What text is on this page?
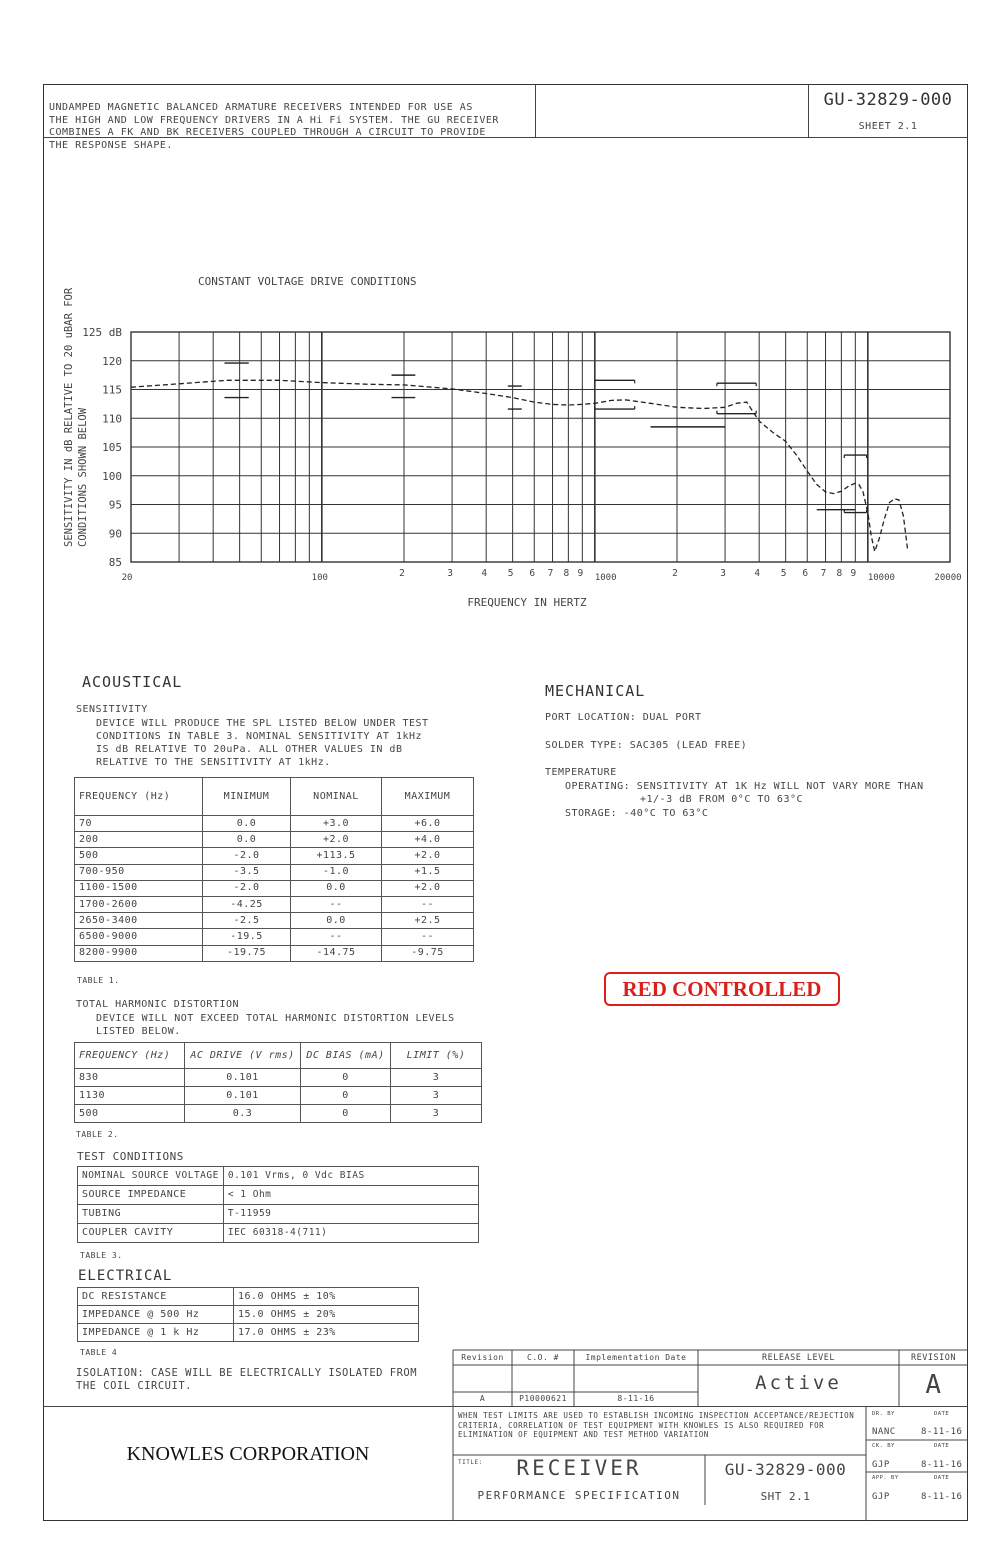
UNDAMPED MAGNETIC BALANCED ARMATURE RECEIVERS INTENDED FOR USE AS
THE HIGH AND LOW FREQUENCY DRIVERS IN A Hi Fi SYSTEM. THE GU RECEIVER
COMBINES A FK AND BK RECEIVERS COUPLED THROUGH A CIRCUIT TO PROVIDE
THE RESPONSE SHAPE.
GU-32829-000
SHEET 2.1
125 dB
120
115
110
105
100
95
90
85
20	100	2	3	4 5 6 7 8 9 1000	2	3	4 5 6 7 8 9 10000	20000
CONSTANT VOLTAGE DRIVE CONDITIONS
FREQUENCY IN HERTZ
SENSITIVITY IN dB RELATIVE TO 20 uBAR FOR CONDITIONS SHOWN BELOW
ACOUSTICAL
SENSITIVITY
DEVICE WILL PRODUCE THE SPL LISTED BELOW UNDER TEST
CONDITIONS IN TABLE 3. NOMINAL SENSITIVITY AT 1kHz
IS dB RELATIVE TO 20uPa. ALL OTHER VALUES IN dB
RELATIVE TO THE SENSITIVITY AT 1kHz.
FREQUENCY (Hz)	MINIMUM	NOMINAL	MAXIMUM
70	0.0	+3.0	+6.0
200	0.0	+2.0	+4.0
500	-2.0	+113.5	+2.0
700-950	-3.5	-1.0	+1.5
1100-1500	-2.0	0.0	+2.0
1700-2600	-4.25	--	--
2650-3400	-2.5	0.0	+2.5
6500-9000	-19.5	--	--
8200-9900	-19.75	-14.75	-9.75
TABLE 1.
TOTAL HARMONIC DISTORTION
DEVICE WILL NOT EXCEED TOTAL HARMONIC DISTORTION LEVELS
LISTED BELOW.
FREQUENCY (Hz)	AC DRIVE (V rms)	DC BIAS (mA)	LIMIT (%)
830	0.101	0	3
1130	0.101	0	3
500	0.3	0	3
TABLE 2.
TEST CONDITIONS
NOMINAL SOURCE VOLTAGE	0.101 Vrms, 0 Vdc BIAS
SOURCE IMPEDANCE	< 1 Ohm
TUBING	T-11959
COUPLER CAVITY	IEC 60318-4(711)
TABLE 3.
ELECTRICAL
DC RESISTANCE	16.0 OHMS ± 10%
IMPEDANCE @ 500 Hz	15.0 OHMS ± 20%
IMPEDANCE @ 1 k Hz	17.0 OHMS ± 23%
TABLE 4
ISOLATION: CASE WILL BE ELECTRICALLY ISOLATED FROM
THE COIL CIRCUIT.
MECHANICAL
PORT LOCATION: DUAL PORT
SOLDER TYPE: SAC305 (LEAD FREE)
TEMPERATURE
OPERATING: SENSITIVITY AT 1K Hz WILL NOT VARY MORE THAN
+1/-3 dB FROM 0°C TO 63°C
STORAGE: -40°C TO 63°C
RED CONTROLLED
KNOWLES CORPORATION
Revision	C.O. #	Implementation Date
A	P10000621	8-11-16
RELEASE LEVEL
Active
REVISION
A
WHEN TEST LIMITS ARE USED TO ESTABLISH INCOMING INSPECTION ACCEPTANCE/REJECTION
CRITERIA, CORRELATION OF TEST EQUIPMENT WITH KNOWLES IS ALSO REQUIRED FOR
ELIMINATION OF EQUIPMENT AND TEST METHOD VARIATION
TITLE:	RECEIVER
PERFORMANCE SPECIFICATION
GU-32829-000
SHT 2.1
DR. BY	DATE
NANC	8-11-16
CK. BY	DATE
GJP	8-11-16
APP. BY	DATE
GJP	8-11-16
